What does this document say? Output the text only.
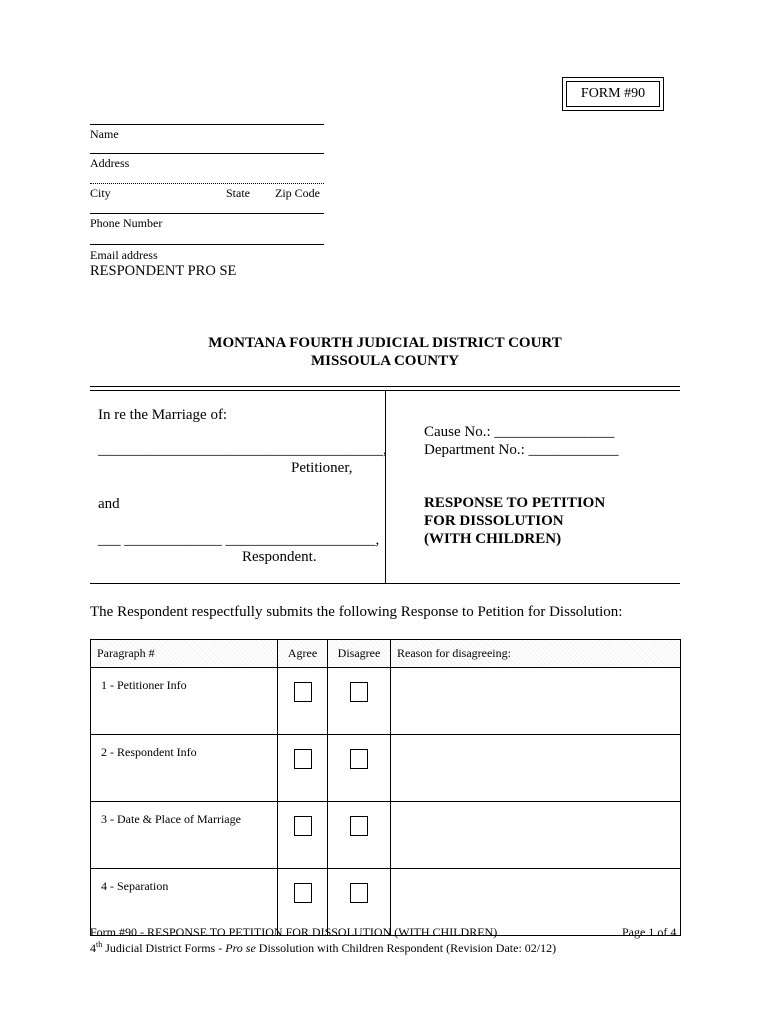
FORM #90
Name
Address
City	State Zip Code
Phone Number
Email address
RESPONDENT PRO SE
MONTANA FOURTH JUDICIAL DISTRICT COURT
MISSOULA COUNTY
In re the Marriage of:
______________________________________,
Petitioner,
and
___ _____________ ____________________,
Respondent.
Cause No.: ________________
Department No.: ____________
RESPONSE TO PETITION
FOR DISSOLUTION
(WITH CHILDREN)
The Respondent respectfully submits the following Response to Petition for Dissolution:
Paragraph #	Agree	Disagree	Reason for disagreeing:
1 - Petitioner Info	

2 - Respondent Info	

3 - Date & Place of Marriage	

4 - Separation	

Form #90 - RESPONSE TO PETITION FOR DISSOLUTION (WITH CHILDREN)	Page 1 of 4
4th Judicial District Forms - Pro se Dissolution with Children Respondent (Revision Date: 02/12)
